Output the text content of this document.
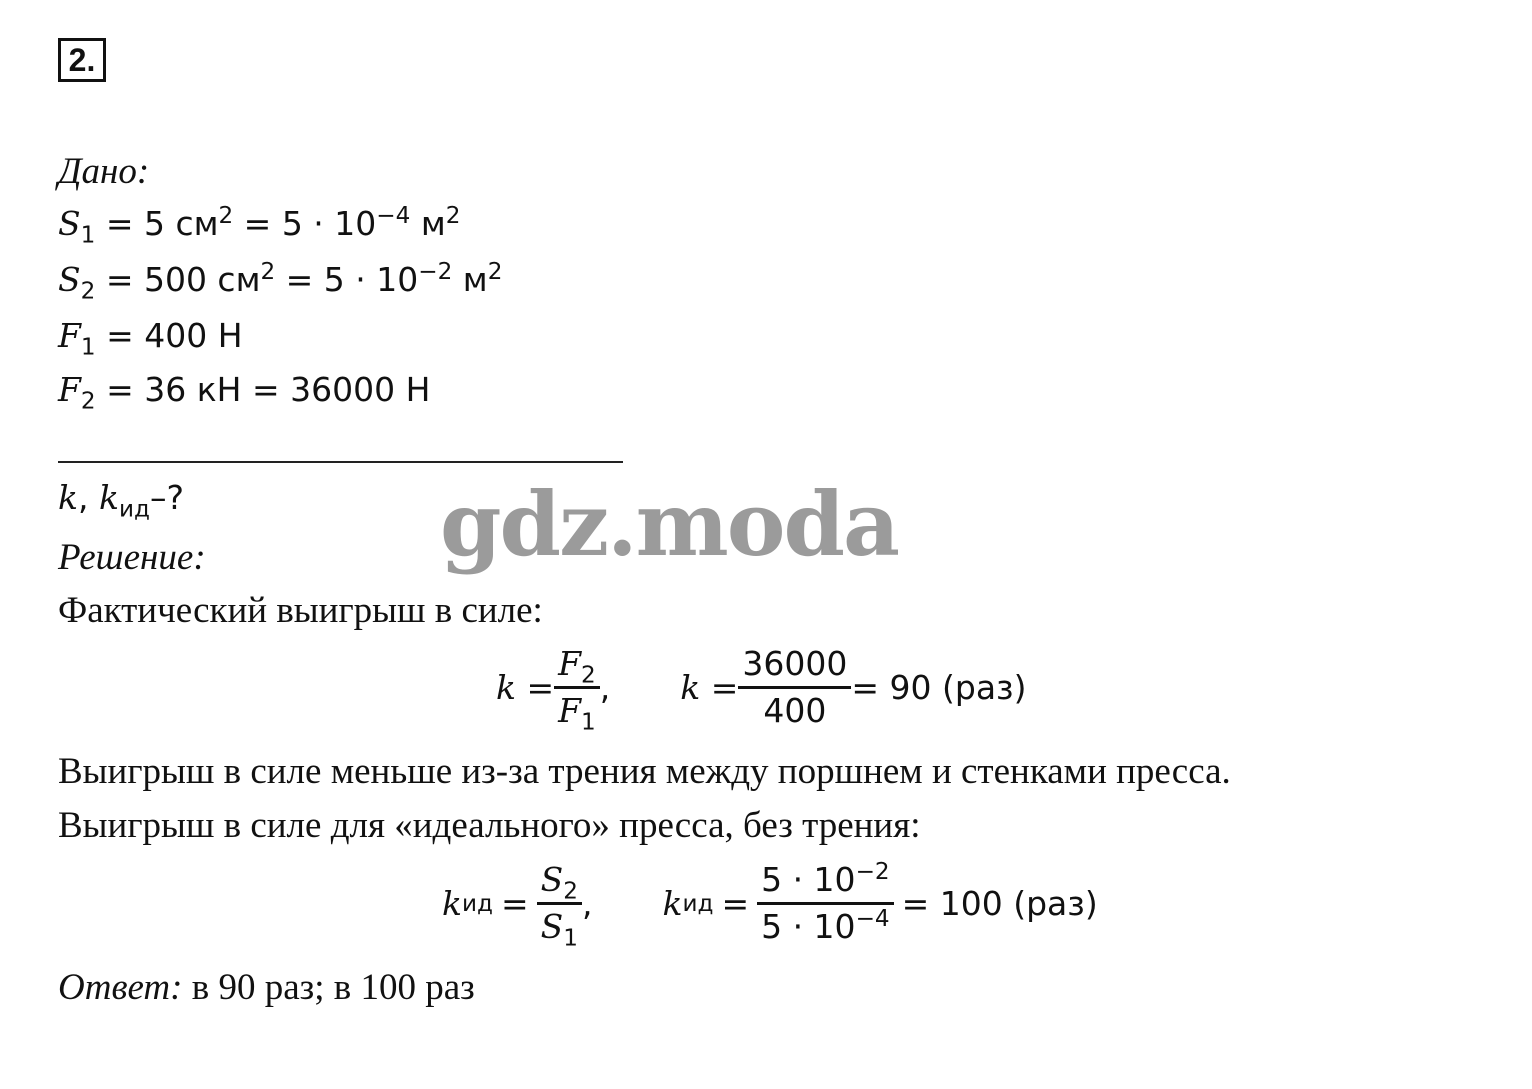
2.
Дано:
$S_1 = 5$ $см^2 = 5 \cdot 10^{-4}$ $м^2$
$S_2 = 500$ $см^2 = 5 \cdot 10^{-2}$ $м^2$
$F_1 = 400$ Н
$F_2 = 36$ кН = 36000 Н
k, $k_{ид}-$?	gdz.moda
Решение:
Фактический выигрыш в силе:
$k = \frac{F_2}{F_1}$ , $k = \frac{36000}{400} = 90$ (раз)
Выигрыш в силе меньше из-за трения между поршнем и стенками пресса.
Выигрыш в силе для «идеального» пресса, без трения:
k ид = $\frac{S_2}{S_1}$ , k ид = $\frac{5 \cdot 10^{-2}}{5 \cdot 10^{-4}} = 100$ (раз)
Ответ: в 90 раз; в 100 раз
